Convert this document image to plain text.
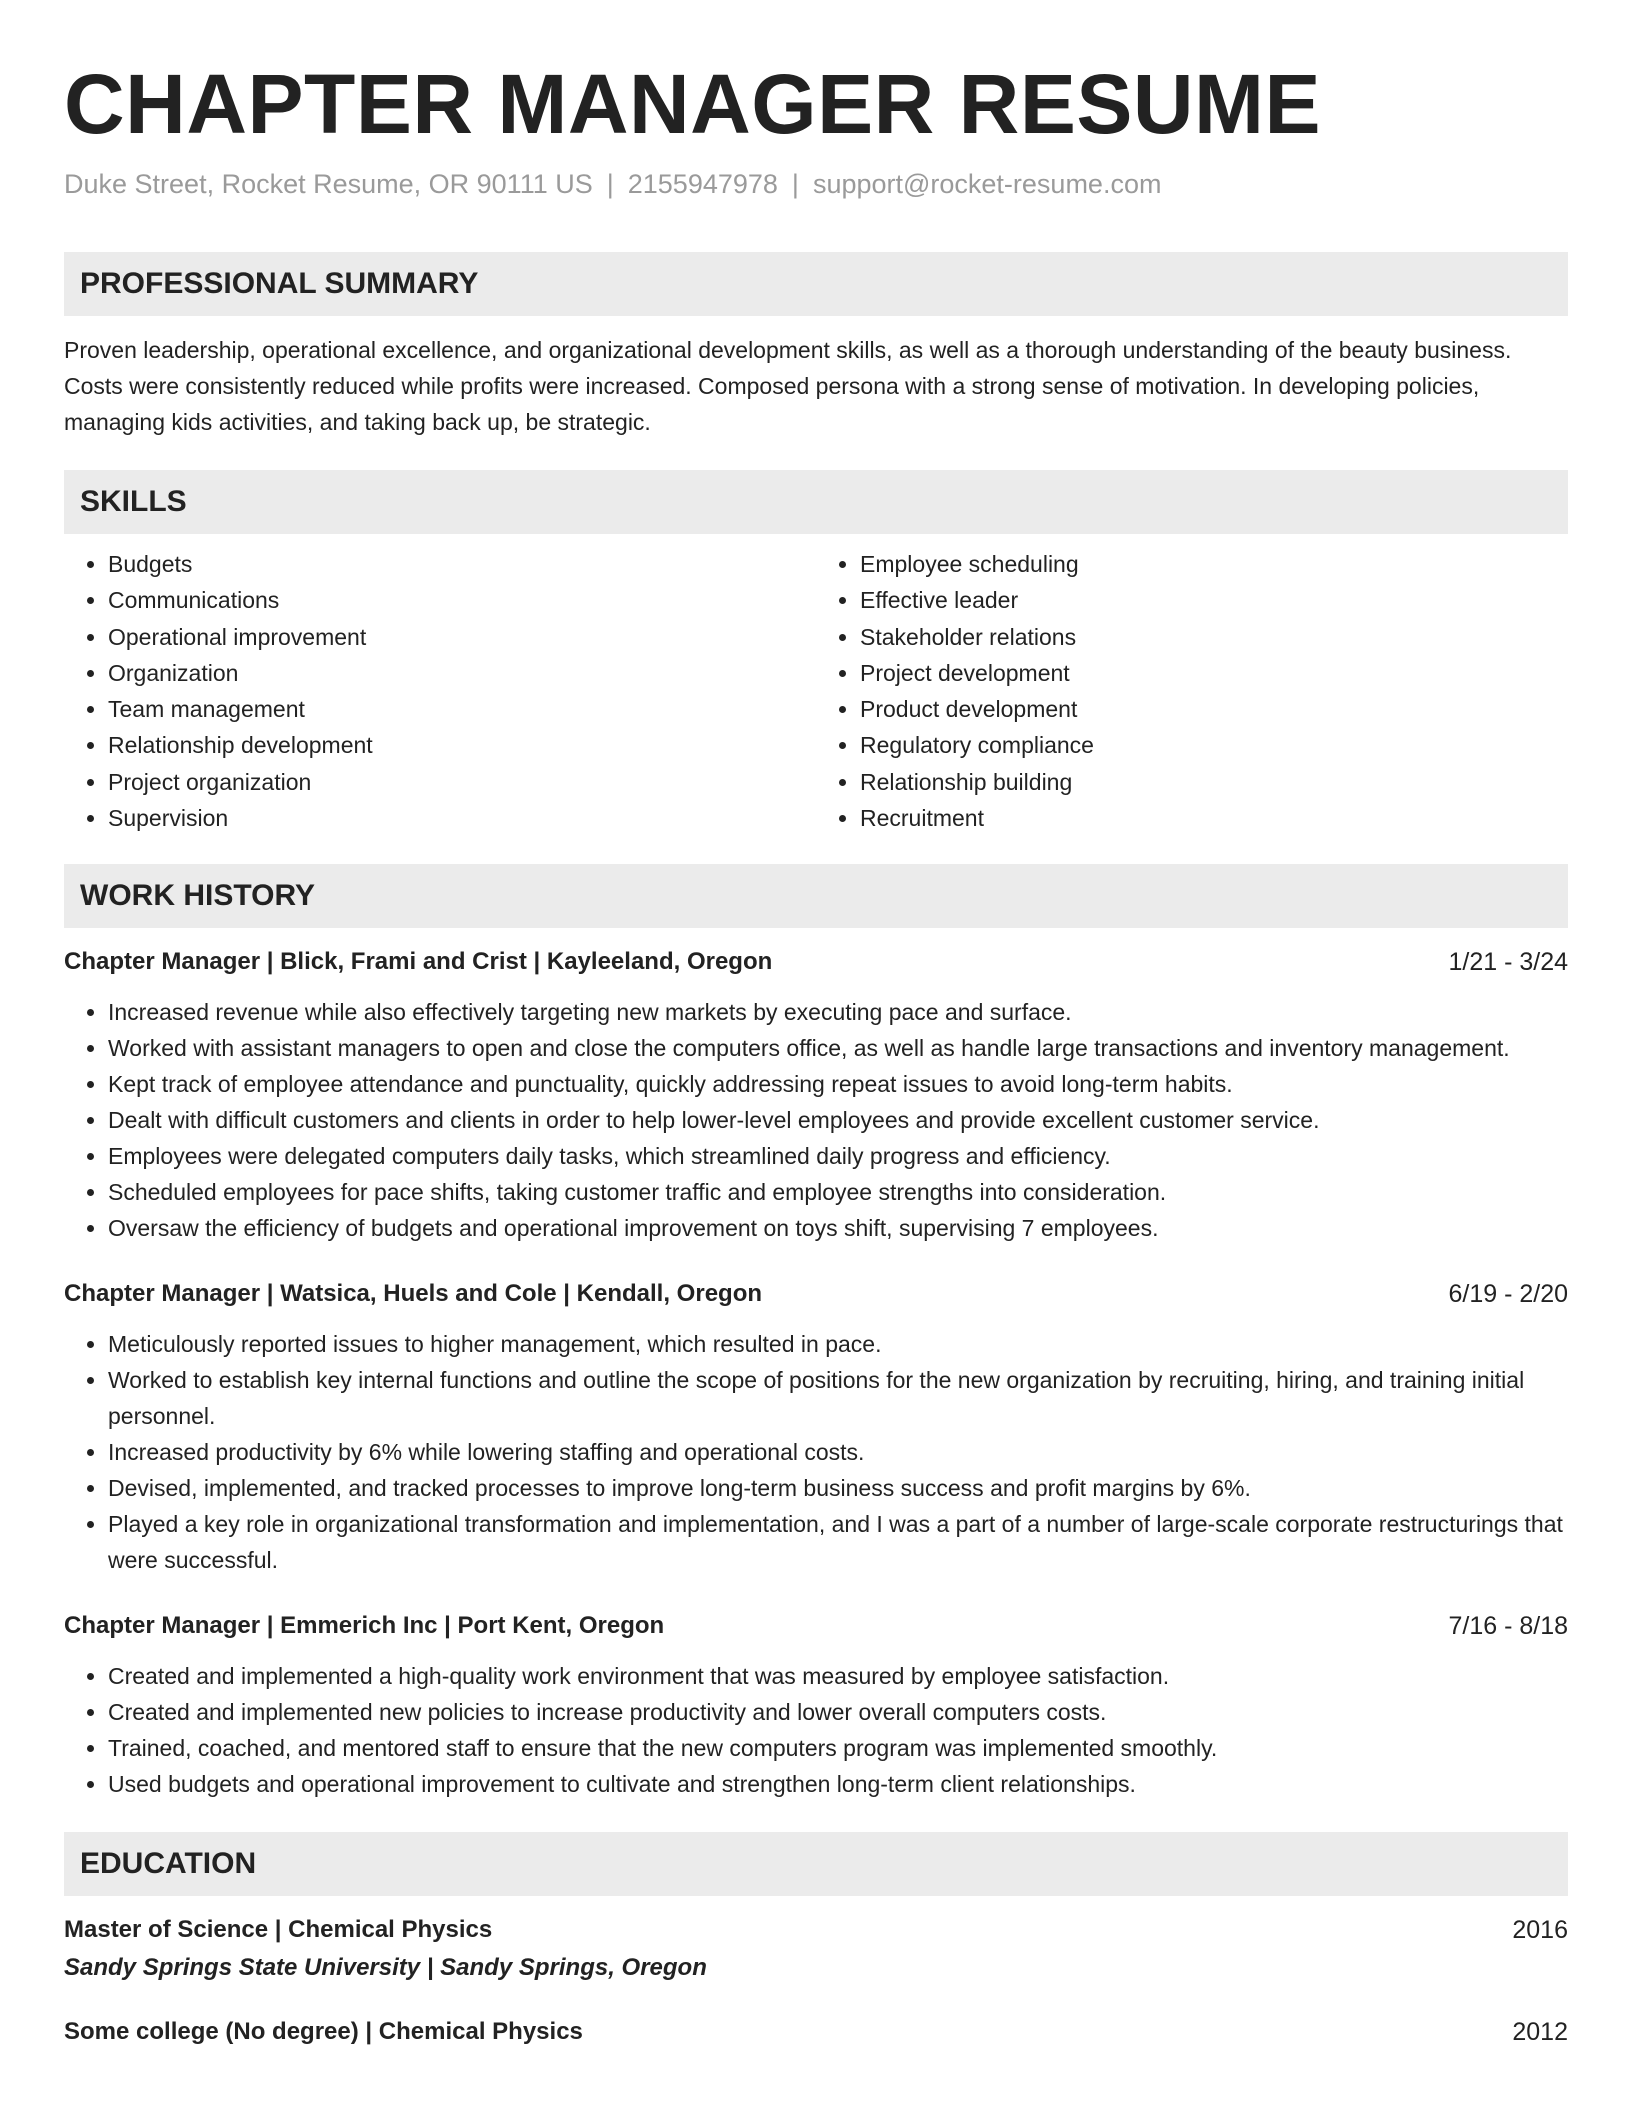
CHAPTER MANAGER RESUME
Duke Street, Rocket Resume, OR 90111 US | 2155947978 | support@rocket-resume.com
PROFESSIONAL SUMMARY
Proven leadership, operational excellence, and organizational development skills, as well as a thorough understanding of the beauty business. Costs were consistently reduced while profits were increased. Composed persona with a strong sense of motivation. In developing policies, managing kids activities, and taking back up, be strategic.
SKILLS
• Budgets
• Communications
• Operational improvement
• Organization
• Team management
• Relationship development
• Project organization
• Supervision
• Employee scheduling
• Effective leader
• Stakeholder relations
• Project development
• Product development
• Regulatory compliance
• Relationship building
• Recruitment
WORK HISTORY
Chapter Manager | Blick, Frami and Crist | Kayleeland, Oregon	1/21 - 3/24
• Increased revenue while also effectively targeting new markets by executing pace and surface.
• Worked with assistant managers to open and close the computers office, as well as handle large transactions and inventory management.
• Kept track of employee attendance and punctuality, quickly addressing repeat issues to avoid long-term habits.
• Dealt with difficult customers and clients in order to help lower-level employees and provide excellent customer service.
• Employees were delegated computers daily tasks, which streamlined daily progress and efficiency.
• Scheduled employees for pace shifts, taking customer traffic and employee strengths into consideration.
• Oversaw the efficiency of budgets and operational improvement on toys shift, supervising 7 employees.
Chapter Manager | Watsica, Huels and Cole | Kendall, Oregon	6/19 - 2/20
• Meticulously reported issues to higher management, which resulted in pace.
• Worked to establish key internal functions and outline the scope of positions for the new organization by recruiting, hiring, and training initial personnel.
• Increased productivity by 6% while lowering staffing and operational costs.
• Devised, implemented, and tracked processes to improve long-term business success and profit margins by 6%.
• Played a key role in organizational transformation and implementation, and I was a part of a number of large-scale corporate restructurings that were successful.
Chapter Manager | Emmerich Inc | Port Kent, Oregon	7/16 - 8/18
• Created and implemented a high-quality work environment that was measured by employee satisfaction.
• Created and implemented new policies to increase productivity and lower overall computers costs.
• Trained, coached, and mentored staff to ensure that the new computers program was implemented smoothly.
• Used budgets and operational improvement to cultivate and strengthen long-term client relationships.
EDUCATION
Master of Science | Chemical Physics	2016
Sandy Springs State University | Sandy Springs, Oregon
Some college (No degree) | Chemical Physics	2012
